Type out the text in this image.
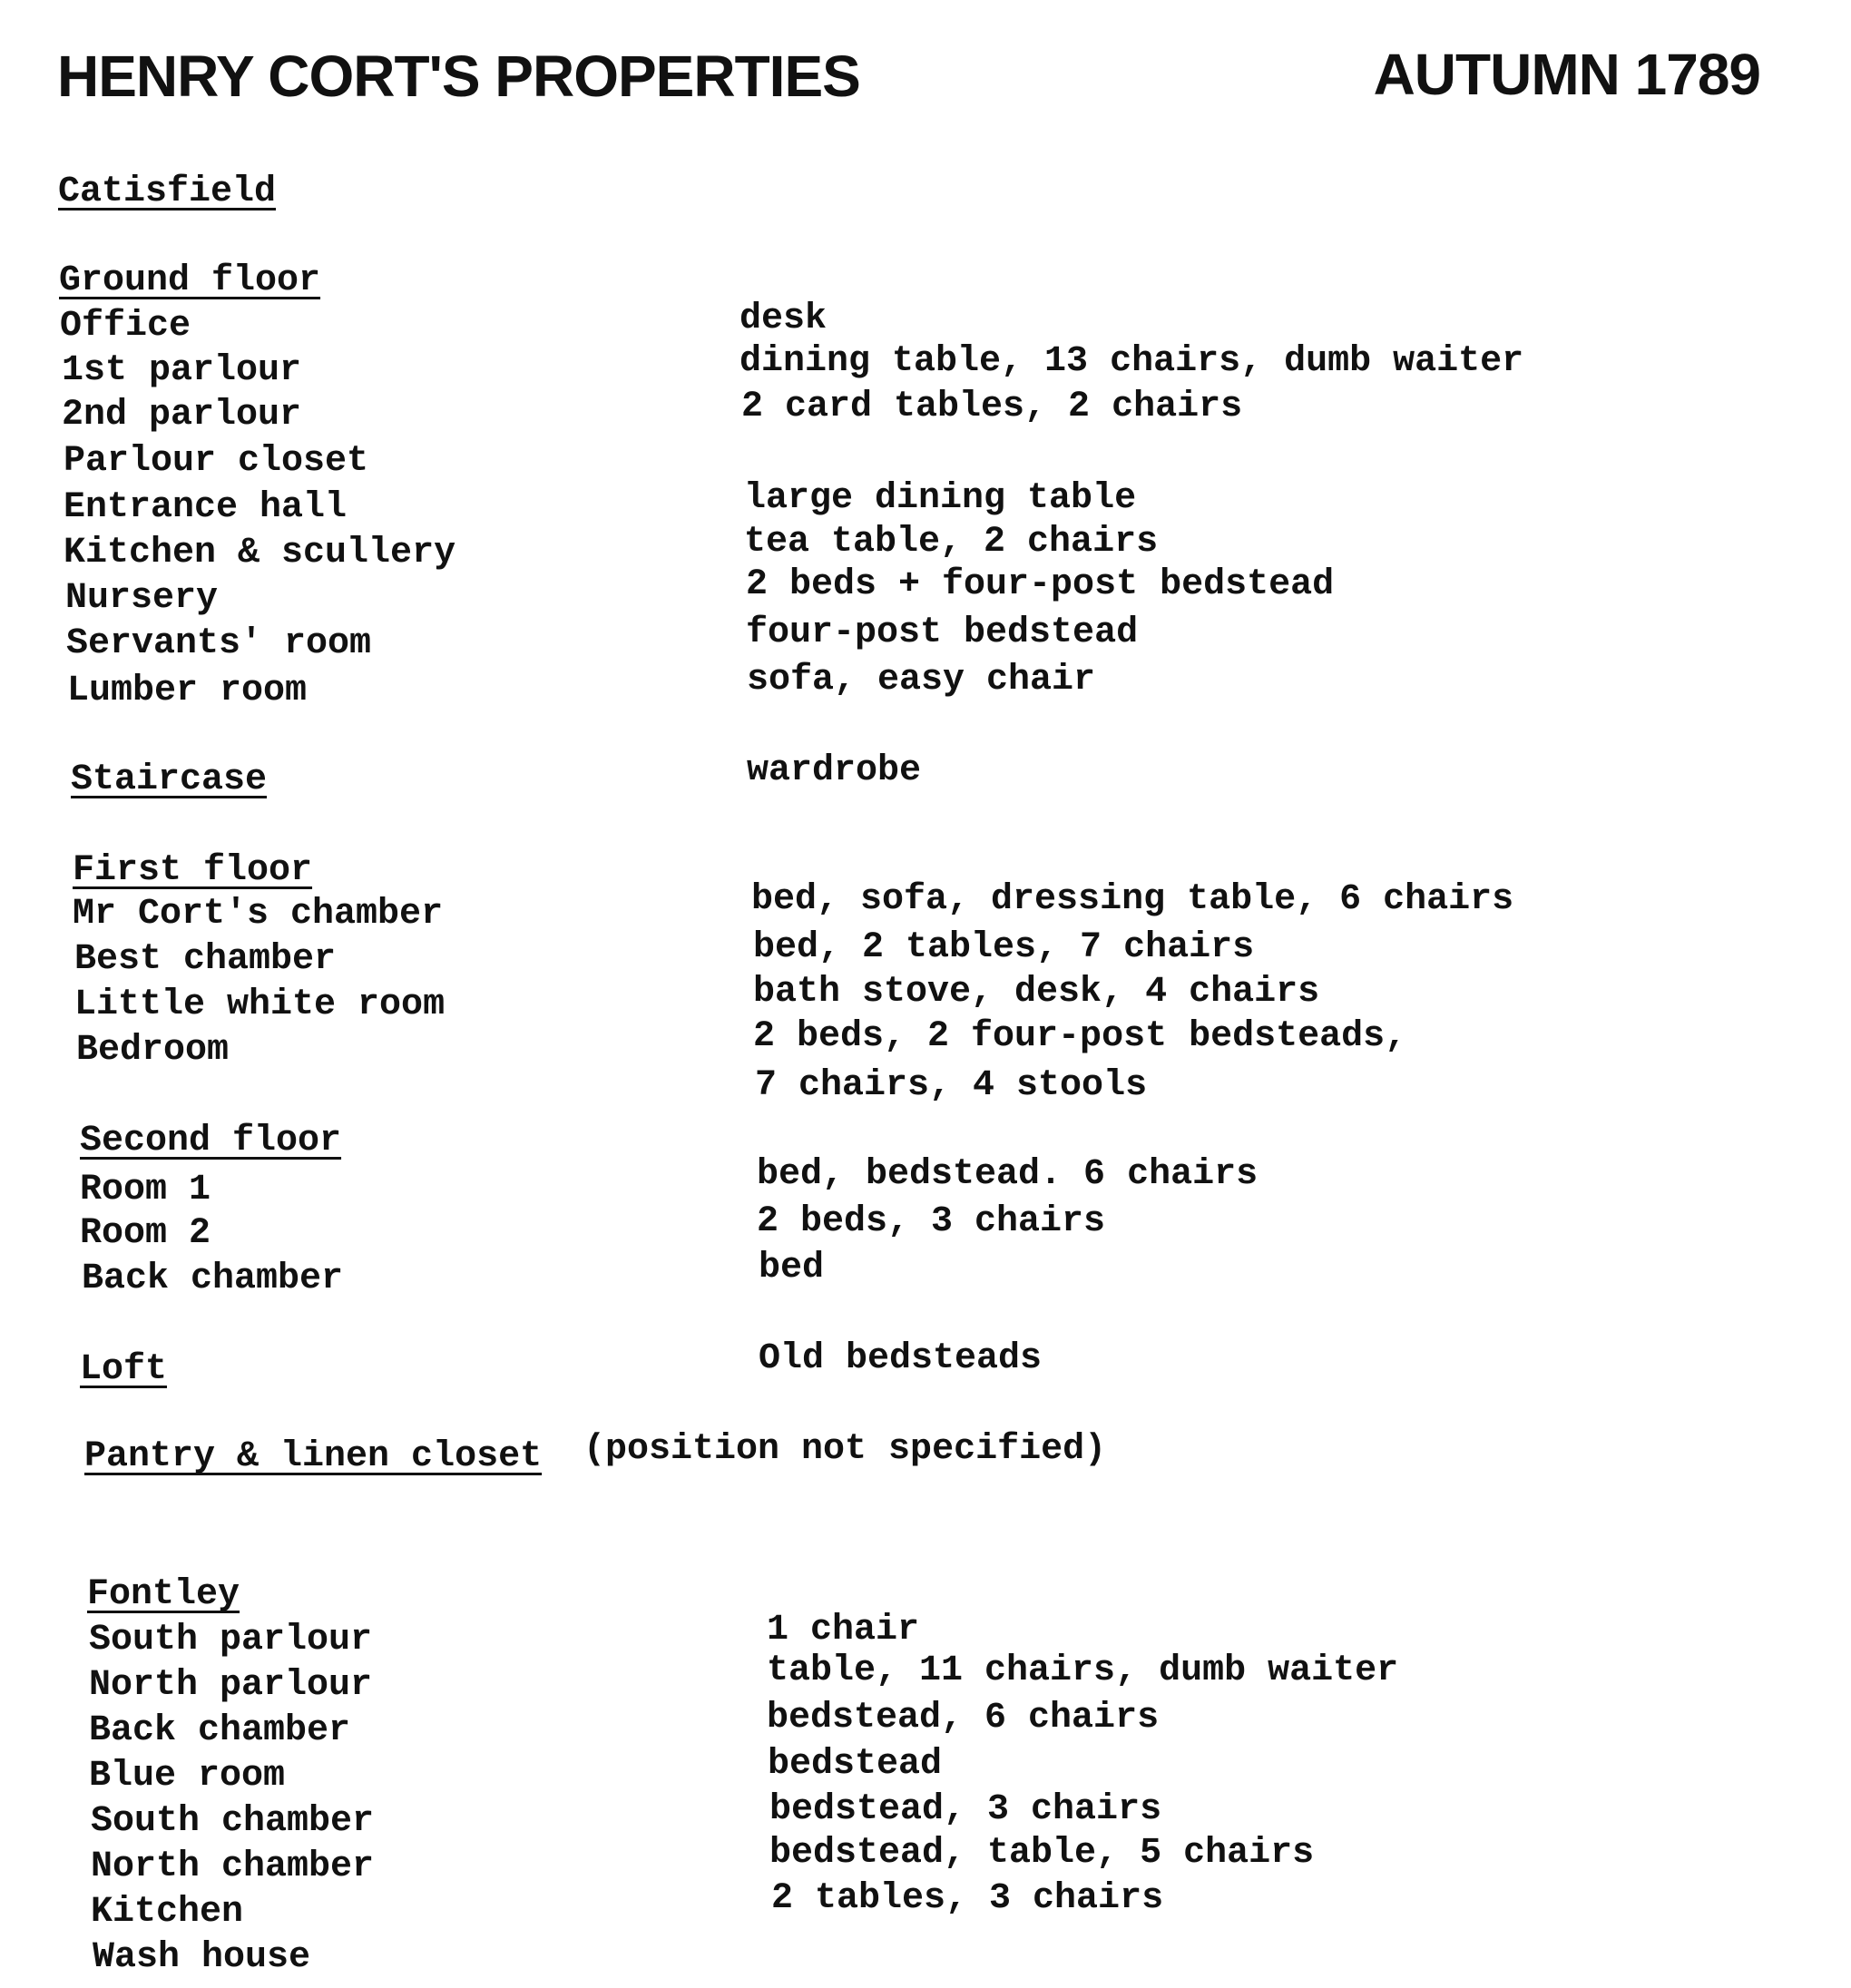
HENRY CORT'S PROPERTIES	AUTUMN 1789
Catisfield
Ground floor
Office	desk
1st parlour	dining table, 13 chairs, dumb waiter
2nd parlour	2 card tables, 2 chairs
Parlour closet
Entrance hall	large dining table
Kitchen & scullery	tea table, 2 chairs
Nursery	2 beds + four-post bedstead
Servants' room	four-post bedstead
Lumber room	sofa, easy chair
Staircase	wardrobe
First floor
Mr Cort's chamber	bed, sofa, dressing table, 6 chairs
Best chamber	bed, 2 tables, 7 chairs
Little white room	bath stove, desk, 4 chairs
Bedroom	2 beds, 2 four-post bedsteads,
7 chairs, 4 stools
Second floor
Room 1	bed, bedstead. 6 chairs
Room 2	2 beds, 3 chairs
Back chamber	bed
Loft	Old bedsteads
Pantry & linen closet (position not specified)
Fontley
South parlour	1 chair
North parlour	table, 11 chairs, dumb waiter
Back chamber	bedstead, 6 chairs
Blue room	bedstead
South chamber	bedstead, 3 chairs
North chamber	bedstead, table, 5 chairs
Kitchen	2 tables, 3 chairs
Wash house
